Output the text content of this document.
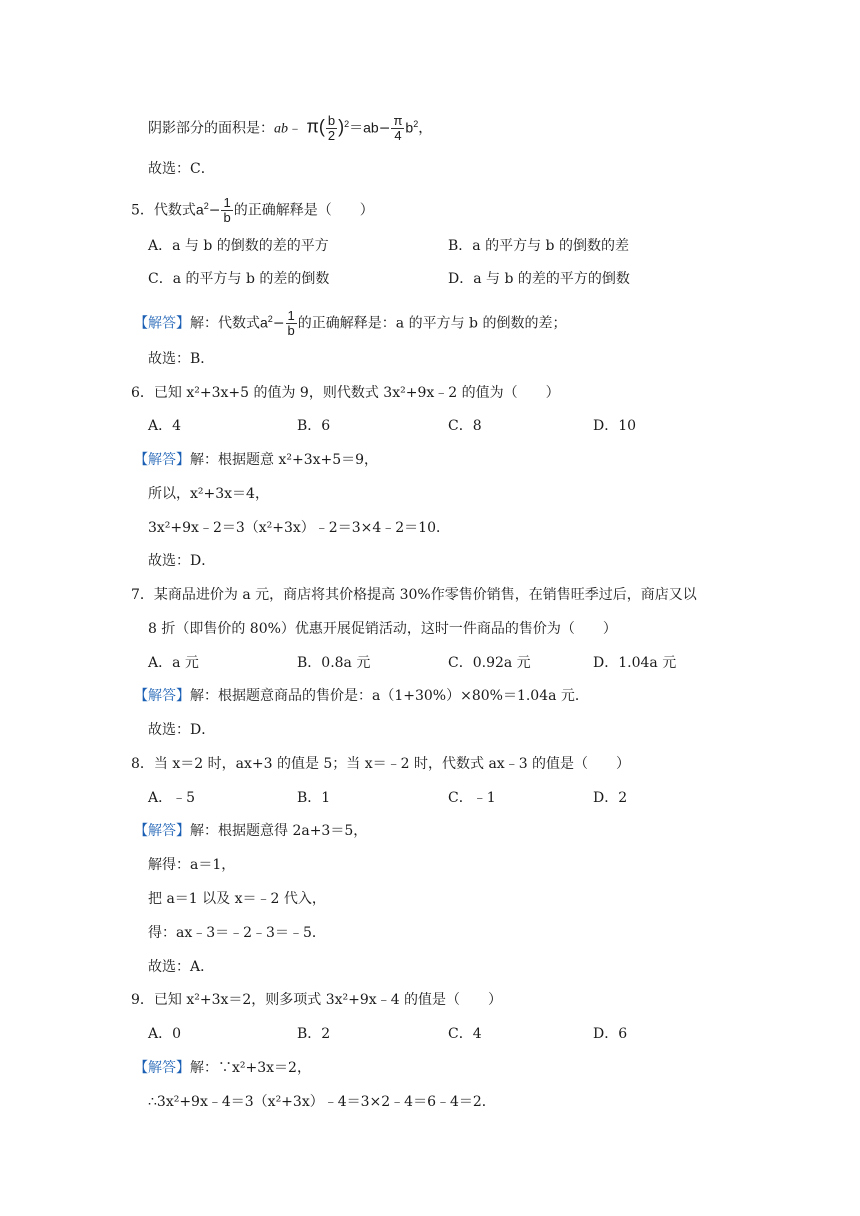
阴影部分的面积是：ab﹣ $\pi( \frac{b}{2} )^2=ab- \frac{\pi}{4} b^2$，
故选：C．
5．代数式$a^2- \frac{1}{b}$ 的正确解释是（　　）
A．a 与 b 的倒数的差的平方	B．a 的平方与 b 的倒数的差
C．a 的平方与 b 的差的倒数	D．a 与 b 的差的平方的倒数
【解答】解：代数式$a^2- \frac{1}{b}$ 的正确解释是：a 的平方与 b 的倒数的差；
故选：B．
6．已知 x²+3x+5 的值为 9，则代数式 3x²+9x﹣2 的值为（　　）
A．4	B．6	C．8	D．10
【解答】解：根据题意 x²+3x+5＝9，
所以，x²+3x＝4，
3x²+9x﹣2＝3（x²+3x）﹣2＝3×4﹣2＝10．
故选：D．
7．某商品进价为 a 元，商店将其价格提高 30%作零售价销售，在销售旺季过后，商店又以
8 折（即售价的 80%）优惠开展促销活动，这时一件商品的售价为（　　）
A．a 元	B．0.8a 元	C．0.92a 元	D．1.04a 元
【解答】解：根据题意商品的售价是：a（1+30%）×80%＝1.04a 元．
故选：D．
8．当 x＝2 时，ax+3 的值是 5；当 x＝﹣2 时，代数式 ax﹣3 的值是（　　）
A．﹣5	B．1	C．﹣1	D．2
【解答】解：根据题意得 2a+3＝5，
解得：a＝1，
把 a＝1 以及 x＝﹣2 代入，
得：ax﹣3＝﹣2﹣3＝﹣5．
故选：A．
9．已知 x²+3x＝2，则多项式 3x²+9x﹣4 的值是（　　）
A．0	B．2	C．4	D．6
【解答】解：∵x²+3x＝2，
∴3x²+9x﹣4＝3（x²+3x）﹣4＝3×2﹣4＝6﹣4＝2．
